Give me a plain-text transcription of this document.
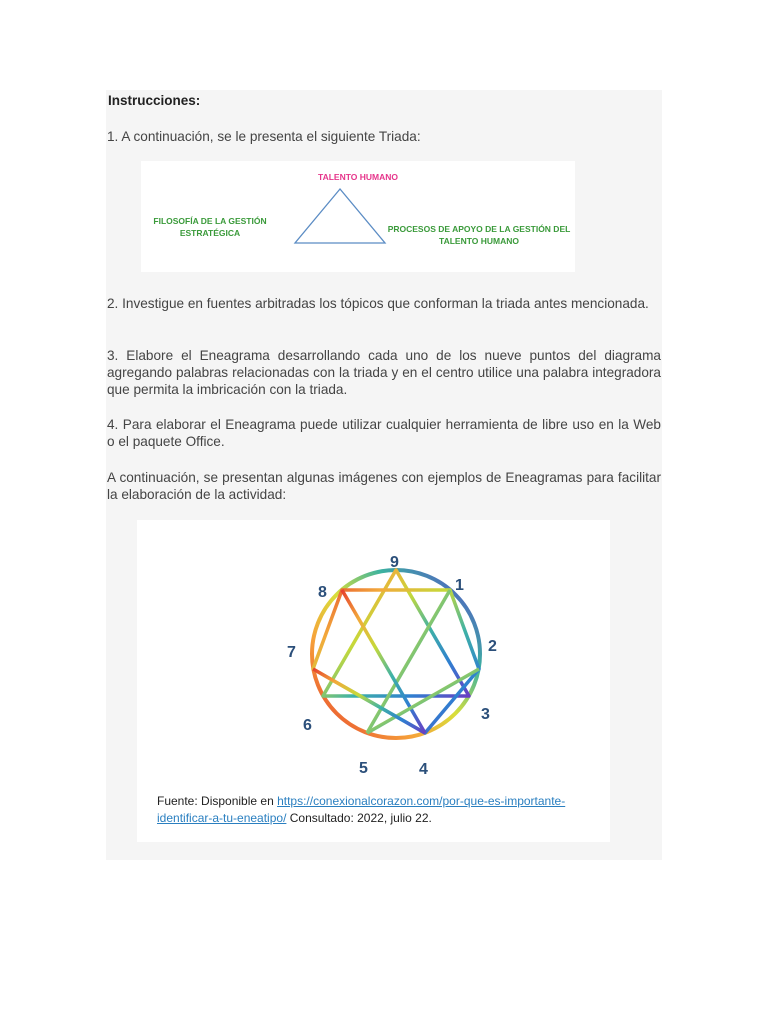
Instrucciones:
1. A continuación, se le presenta el siguiente Triada:
TALENTO HUMANO
FILOSOFÍA DE LA GESTIÓN
ESTRATÉGICA	PROCESOS DE APOYO DE LA GESTIÓN DEL
TALENTO HUMANO
2. Investigue en fuentes arbitradas los tópicos que conforman la triada antes mencionada.
3. Elabore el Eneagrama desarrollando cada uno de los nueve puntos del diagrama agregando palabras relacionadas con la triada y en el centro utilice una palabra integradora que permita la imbricación con la triada.
4. Para elaborar el Eneagrama puede utilizar cualquier herramienta de libre uso en la Web o el paquete Office.
A continuación, se presentan algunas imágenes con ejemplos de Eneagramas para facilitar la elaboración de la actividad:
9
1
2
3
4
5
6
7
8
Fuente: Disponible en https://conexionalcorazon.com/por-que-es-importante-identificar-a-tu-eneatipo/ Consultado: 2022, julio 22.
